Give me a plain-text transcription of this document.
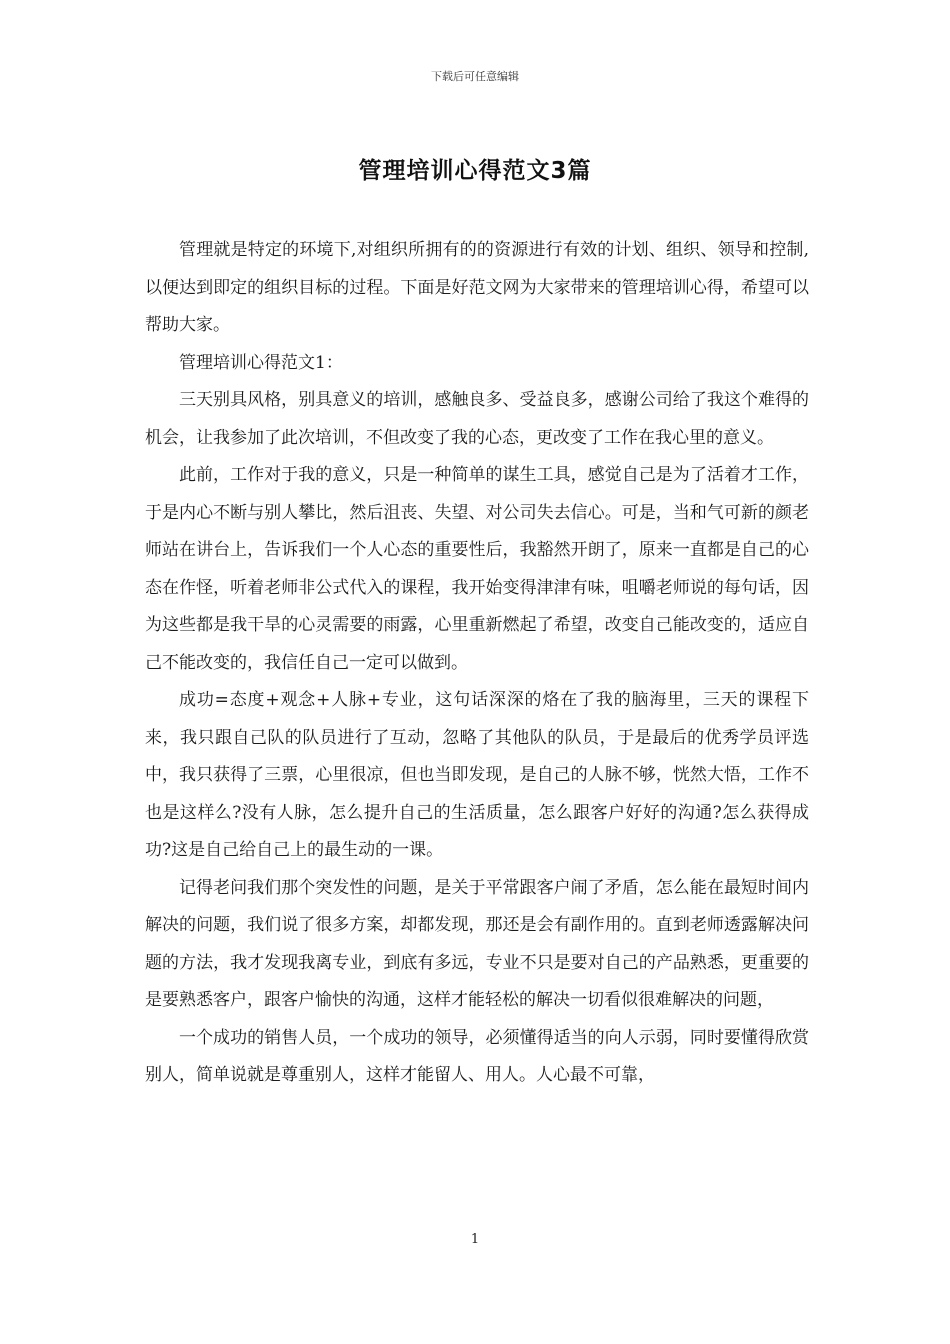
下载后可任意编辑
管理培训心得范文3篇

管理就是特定的环境下,对组织所拥有的的资源进行有效的计划、组织、领导和控制,以便达到即定的组织目标的过程。下面是好范文网为大家带来的管理培训心得，希望可以帮助大家。

管理培训心得范文1：

三天别具风格，别具意义的培训，感触良多、受益良多，感谢公司给了我这个难得的机会，让我参加了此次培训，不但改变了我的心态，更改变了工作在我心里的意义。

此前，工作对于我的意义，只是一种简单的谋生工具，感觉自己是为了活着才工作，于是内心不断与别人攀比，然后沮丧、失望、对公司失去信心。可是，当和气可新的颜老师站在讲台上，告诉我们一个人心态的重要性后，我豁然开朗了，原来一直都是自己的心态在作怪，听着老师非公式代入的课程，我开始变得津津有味，咀嚼老师说的每句话，因为这些都是我干旱的心灵需要的雨露，心里重新燃起了希望，改变自己能改变的，适应自己不能改变的，我信任自己一定可以做到。

成功=态度+观念+人脉+专业，这句话深深的烙在了我的脑海里，三天的课程下来，我只跟自己队的队员进行了互动，忽略了其他队的队员，于是最后的优秀学员评选中，我只获得了三票，心里很凉，但也当即发现，是自己的人脉不够，恍然大悟，工作不也是这样么?没有人脉，怎么提升自己的生活质量，怎么跟客户好好的沟通?怎么获得成功?这是自己给自己上的最生动的一课。

记得老问我们那个突发性的问题，是关于平常跟客户闹了矛盾，怎么能在最短时间内解决的问题，我们说了很多方案，却都发现，那还是会有副作用的。直到老师透露解决问题的方法，我才发现我离专业，到底有多远，专业不只是要对自己的产品熟悉，更重要的是要熟悉客户，跟客户愉快的沟通，这样才能轻松的解决一切看似很难解决的问题，

一个成功的销售人员，一个成功的领导，必须懂得适当的向人示弱，同时要懂得欣赏别人，简单说就是尊重别人，这样才能留人、用人。人心最不可靠，

1
